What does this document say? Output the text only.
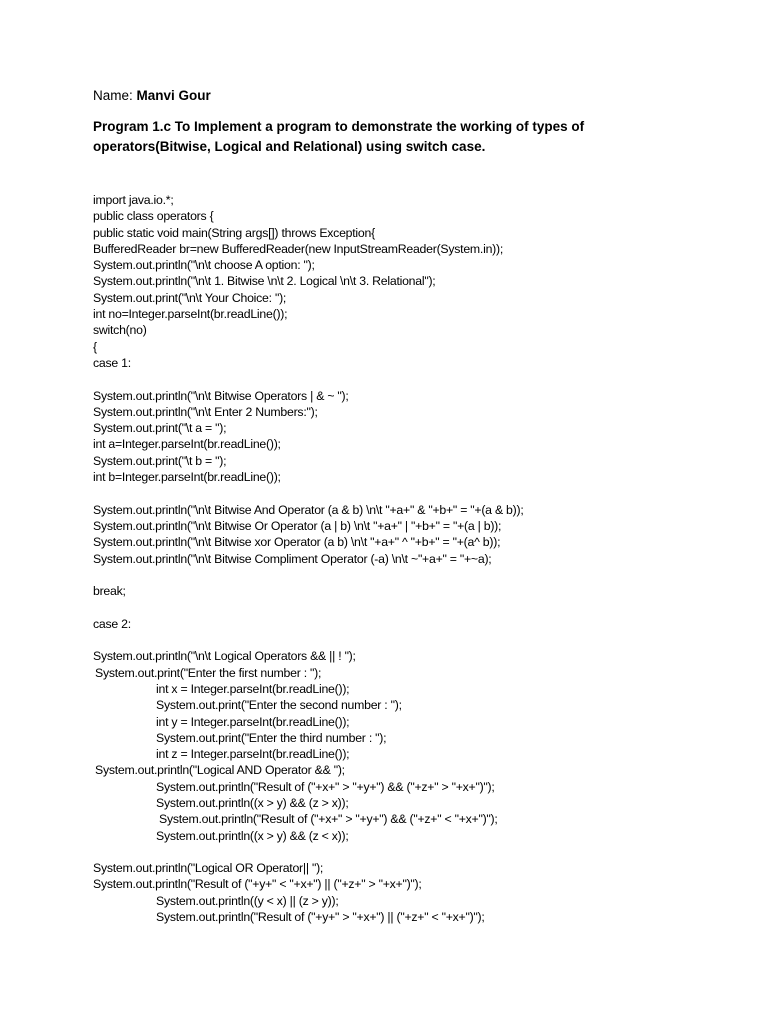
Name: Manvi Gour
Program 1.c To Implement a program to demonstrate the working of types of operators(Bitwise, Logical and Relational) using switch case.
import java.io.*;
public class operators {
public static void main(String args[]) throws Exception{
BufferedReader br=new BufferedReader(new InputStreamReader(System.in));
System.out.println("\n\t choose A option: ");
System.out.println("\n\t 1. Bitwise \n\t 2. Logical \n\t 3. Relational");
System.out.print("\n\t Your Choice: ");
int no=Integer.parseInt(br.readLine());
switch(no)
{
case 1:
System.out.println("\n\t Bitwise Operators | & ~ ");
System.out.println("\n\t Enter 2 Numbers:");
System.out.print("\t a = ");
int a=Integer.parseInt(br.readLine());
System.out.print("\t b = ");
int b=Integer.parseInt(br.readLine());
System.out.println("\n\t Bitwise And Operator (a & b) \n\t "+a+" & "+b+" = "+(a & b));
System.out.println("\n\t Bitwise Or Operator (a | b) \n\t "+a+" | "+b+" = "+(a | b));
System.out.println("\n\t Bitwise xor Operator (a b) \n\t "+a+" ^ "+b+" = "+(a^ b));
System.out.println("\n\t Bitwise Compliment Operator (-a) \n\t ~"+a+" = "+~a);
break;
case 2:
System.out.println("\n\t Logical Operators && || ! ");
System.out.print("Enter the first number : ");
int x = Integer.parseInt(br.readLine());
System.out.print("Enter the second number : ");
int y = Integer.parseInt(br.readLine());
System.out.print("Enter the third number : ");
int z = Integer.parseInt(br.readLine());
System.out.println("Logical AND Operator && ");
System.out.println("Result of ("+x+" > "+y+") && ("+z+" > "+x+")");
System.out.println((x > y) && (z > x));
System.out.println("Result of ("+x+" > "+y+") && ("+z+" < "+x+")");
System.out.println((x > y) && (z < x));
System.out.println("Logical OR Operator|| ");
System.out.println("Result of ("+y+" < "+x+") || ("+z+" > "+x+")");
System.out.println((y < x) || (z > y));
System.out.println("Result of ("+y+" > "+x+") || ("+z+" < "+x+")");
